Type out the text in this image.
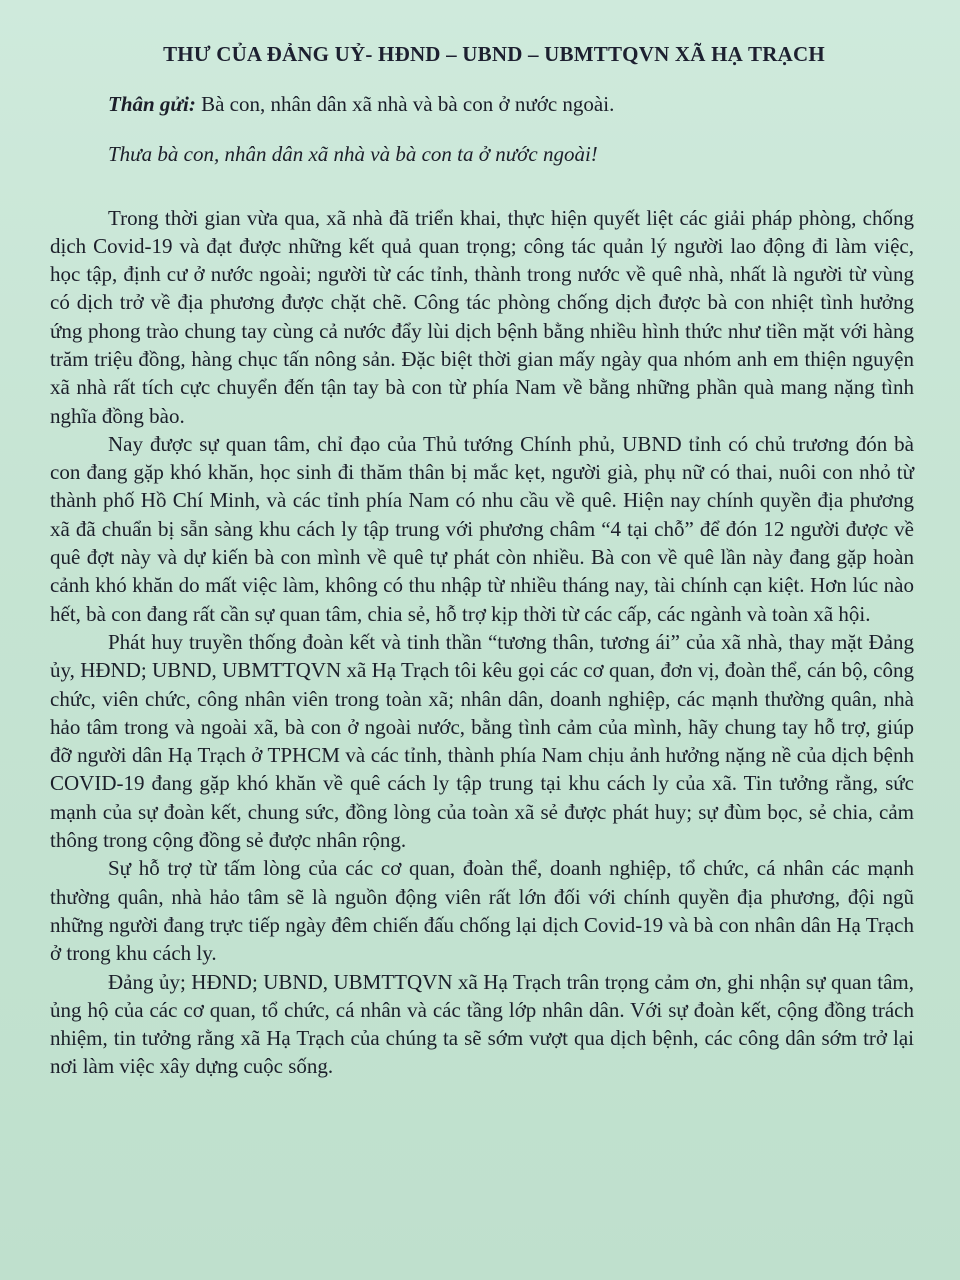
THƯ CỦA ĐẢNG UỶ- HĐND – UBND – UBMTTQVN XÃ HẠ TRẠCH
Thân gửi: Bà con, nhân dân xã nhà và bà con ở nước ngoài.
Thưa bà con, nhân dân xã nhà và bà con ta ở nước ngoài!

Trong thời gian vừa qua, xã nhà đã triển khai, thực hiện quyết liệt các giải pháp phòng, chống dịch Covid-19 và đạt được những kết quả quan trọng; công tác quản lý người lao động đi làm việc, học tập, định cư ở nước ngoài; người từ các tỉnh, thành trong nước về quê nhà, nhất là người từ vùng có dịch trở về địa phương được chặt chẽ. Công tác phòng chống dịch được bà con nhiệt tình hưởng ứng phong trào chung tay cùng cả nước đẩy lùi dịch bệnh bằng nhiều hình thức như tiền mặt với hàng trăm triệu đồng, hàng chục tấn nông sản. Đặc biệt thời gian mấy ngày qua nhóm anh em thiện nguyện xã nhà rất tích cực chuyển đến tận tay bà con từ phía Nam về bằng những phần quà mang nặng tình nghĩa đồng bào.

Nay được sự quan tâm, chỉ đạo của Thủ tướng Chính phủ, UBND tỉnh có chủ trương đón bà con đang gặp khó khăn, học sinh đi thăm thân bị mắc kẹt, người già, phụ nữ có thai, nuôi con nhỏ từ thành phố Hồ Chí Minh, và các tỉnh phía Nam có nhu cầu về quê. Hiện nay chính quyền địa phương xã đã chuẩn bị sẵn sàng khu cách ly tập trung với phương châm “4 tại chỗ” để đón 12 người được về quê đợt này và dự kiến bà con mình về quê tự phát còn nhiều. Bà con về quê lần này đang gặp hoàn cảnh khó khăn do mất việc làm, không có thu nhập từ nhiều tháng nay, tài chính cạn kiệt. Hơn lúc nào hết, bà con đang rất cần sự quan tâm, chia sẻ, hỗ trợ kịp thời từ các cấp, các ngành và toàn xã hội.

Phát huy truyền thống đoàn kết và tinh thần “tương thân, tương ái” của xã nhà, thay mặt Đảng ủy, HĐND; UBND, UBMTTQVN xã Hạ Trạch tôi kêu gọi các cơ quan, đơn vị, đoàn thể, cán bộ, công chức, viên chức, công nhân viên trong toàn xã; nhân dân, doanh nghiệp, các mạnh thường quân, nhà hảo tâm trong và ngoài xã, bà con ở ngoài nước, bằng tình cảm của mình, hãy chung tay hỗ trợ, giúp đỡ người dân Hạ Trạch ở TPHCM và các tỉnh, thành phía Nam chịu ảnh hưởng nặng nề của dịch bệnh COVID-19 đang gặp khó khăn về quê cách ly tập trung tại khu cách ly của xã. Tin tưởng rằng, sức mạnh của sự đoàn kết, chung sức, đồng lòng của toàn xã sẻ được phát huy; sự đùm bọc, sẻ chia, cảm thông trong cộng đồng sẻ được nhân rộng.

Sự hỗ trợ từ tấm lòng của các cơ quan, đoàn thể, doanh nghiệp, tổ chức, cá nhân các mạnh thường quân, nhà hảo tâm sẽ là nguồn động viên rất lớn đối với chính quyền địa phương, đội ngũ những người đang trực tiếp ngày đêm chiến đấu chống lại dịch Covid-19 và bà con nhân dân Hạ Trạch ở trong khu cách ly.

Đảng ủy; HĐND; UBND, UBMTTQVN xã Hạ Trạch trân trọng cảm ơn, ghi nhận sự quan tâm, ủng hộ của các cơ quan, tổ chức, cá nhân và các tầng lớp nhân dân. Với sự đoàn kết, cộng đồng trách nhiệm, tin tưởng rằng xã Hạ Trạch của chúng ta sẽ sớm vượt qua dịch bệnh, các công dân sớm trở lại nơi làm việc xây dựng cuộc sống.
